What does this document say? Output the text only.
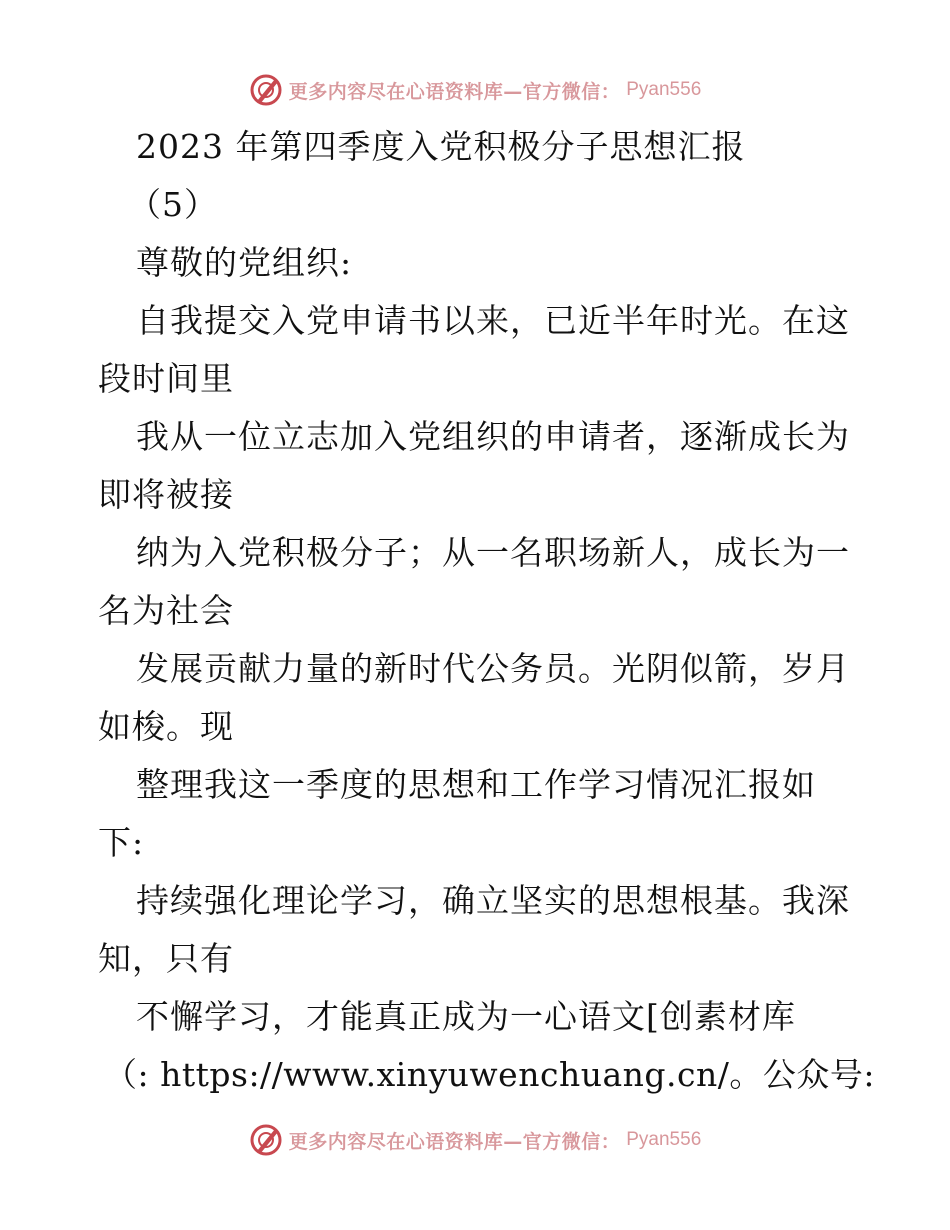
更多内容尽在心语资料库—官方微信： Pyan556
2023 年第四季度入党积极分子思想汇报
（5）
尊敬的党组织:
自我提交入党申请书以来，已近半年时光。在这
段时间里
我从一位立志加入党组织的申请者，逐渐成长为
即将被接
纳为入党积极分子；从一名职场新人，成长为一
名为社会
发展贡献力量的新时代公务员。光阴似箭，岁月
如梭。现
整理我这一季度的思想和工作学习情况汇报如
下:
持续强化理论学习，确立坚实的思想根基。我深
知，只有
不懈学习，才能真正成为一心语文[创素材库
（: https://www.xinyuwenchuang.cn/。公众号:
更多内容尽在心语资料库—官方微信： Pyan556
